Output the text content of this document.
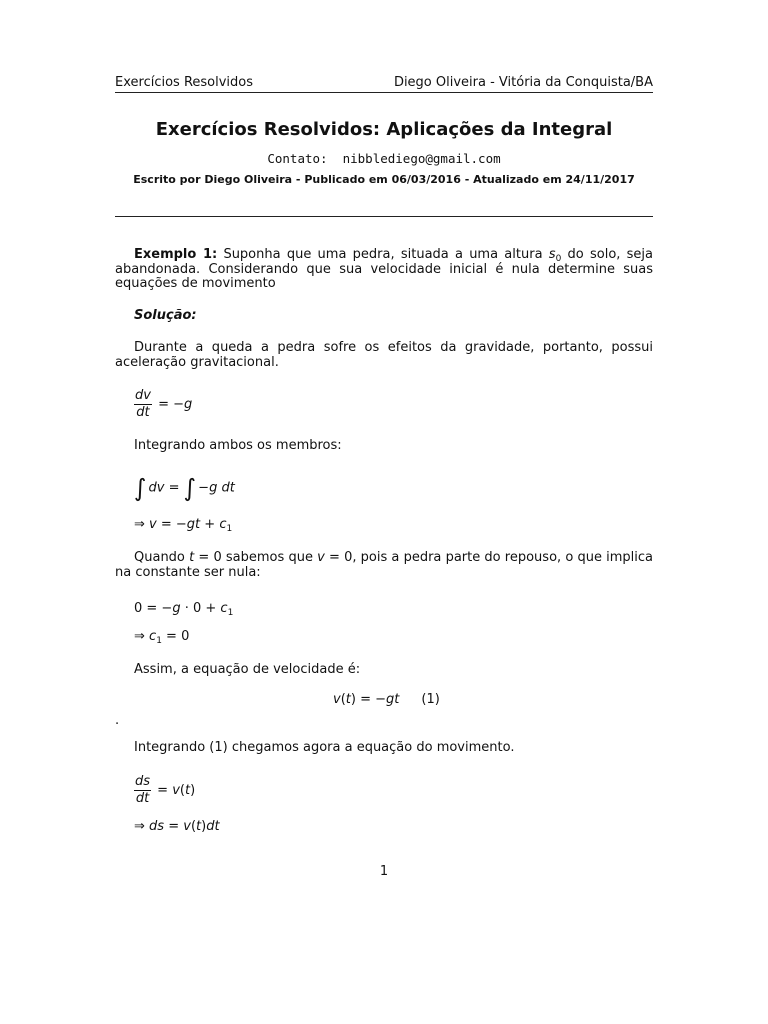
Exercícios Resolvidos	Diego Oliveira - Vitória da Conquista/BA
Exercícios Resolvidos: Aplicações da Integral
Contato:  nibblediego@gmail.com
Escrito por Diego Oliveira - Publicado em 06/03/2016 - Atualizado em 24/11/2017
Exemplo 1: Suponha que uma pedra, situada a uma altura $s_0$ do solo, seja abandonada. Considerando que sua velocidade inicial é nula determine suas equações de movimento
Solução:
Durante a queda a pedra sofre os efeitos da gravidade, portanto, possui aceleração gravitacional.
$\frac{dv}{dt} = -g$
Integrando ambos os membros:
∫ dv = ∫ −g dt
⇒ $v = -gt + c_1$
Quando t = 0 sabemos que v = 0, pois a pedra parte do repouso, o que implica na constante ser nula:
$0 = -g \cdot 0 + c_1$
⇒ $c_1 = 0$
Assim, a equação de velocidade é:
v(t) = −gt (1)
.
Integrando (1) chegamos agora a equação do movimento.
$\frac{ds}{dt} = v(t)$
⇒ ds = v(t)dt
1
